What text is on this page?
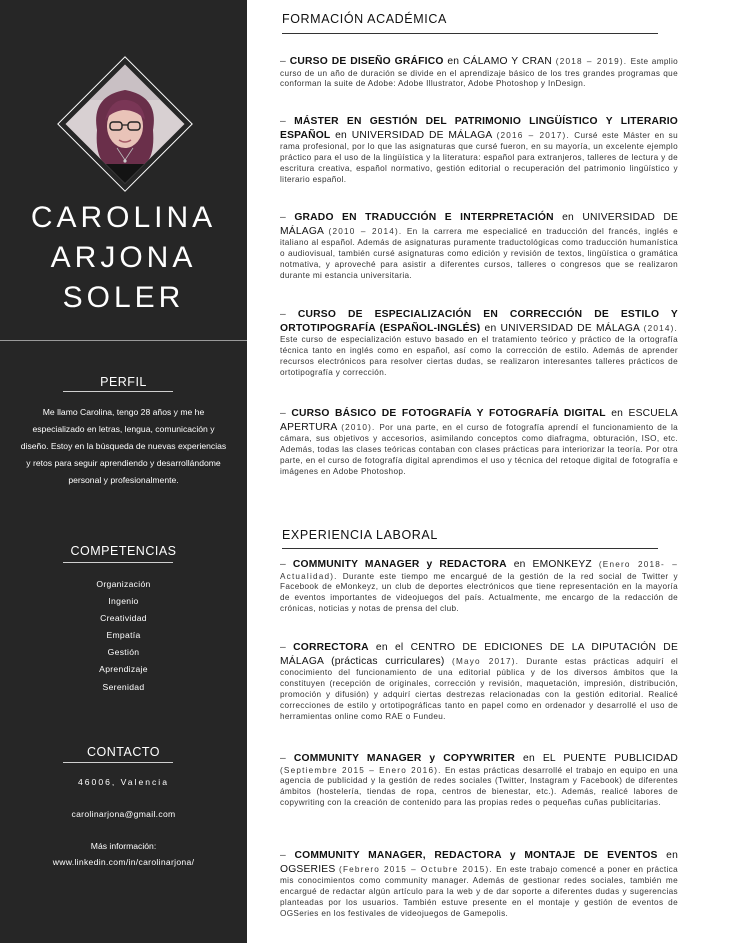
CAROLINA
ARJONA
SOLER
PERFIL

Me llamo Carolina, tengo 28 años y me he especializado en letras, lengua, comunicación y diseño. Estoy en la búsqueda de nuevas experiencias y retos para seguir aprendiendo y desarrollándome personal y profesionalmente.

COMPETENCIAS
Organización
Ingenio
Creatividad
Empatía
Gestión
Aprendizaje
Serenidad
CONTACTO
46006, Valencia
carolinarjona@gmail.com
Más información:
www.linkedin.com/in/carolinarjona/
FORMACIÓN ACADÉMICA
– CURSO DE DISEÑO GRÁFICO en CÁLAMO Y CRAN (2018 – 2019). Este amplio curso de un año de duración se divide en el aprendizaje básico de los tres grandes programas que conforman la suite de Adobe: Adobe Illustrator, Adobe Photoshop y InDesign.
– MÁSTER EN GESTIÓN DEL PATRIMONIO LINGÜÍSTICO Y LITERARIO ESPAÑOL en UNIVERSIDAD DE MÁLAGA (2016 – 2017). Cursé este Máster en su rama profesional, por lo que las asignaturas que cursé fueron, en su mayoría, un excelente ejemplo práctico para el uso de la lingüística y la literatura: español para extranjeros, talleres de lectura y de escritura creativa, español normativo, gestión editorial o recuperación del patrimonio lingüístico y literario español.
– GRADO EN TRADUCCIÓN E INTERPRETACIÓN en UNIVERSIDAD DE MÁLAGA (2010 – 2014). En la carrera me especialicé en traducción del francés, inglés e italiano al español. Además de asignaturas puramente traductológicas como traducción humanística o audiovisual, también cursé asignaturas como edición y revisión de textos, lingüística o gramática notmativa, y aproveché para asistir a diferentes cursos, talleres o congresos que se realizaron durante mi estancia universitaria.
– CURSO DE ESPECIALIZACIÓN EN CORRECCIÓN DE ESTILO Y ORTOTIPOGRAFÍA (ESPAÑOL-INGLÉS) en UNIVERSIDAD DE MÁLAGA (2014). Este curso de especialización estuvo basado en el tratamiento teórico y práctico de la ortografía técnica tanto en inglés como en español, así como la corrección de estilo. Además de aprender recursos electrónicos para resolver ciertas dudas, se realizaron interesantes talleres prácticos de ortotipografía y corrección.
– CURSO BÁSICO DE FOTOGRAFÍA Y FOTOGRAFÍA DIGITAL en ESCUELA APERTURA (2010). Por una parte, en el curso de fotografía aprendí el funcionamiento de la cámara, sus objetivos y accesorios, asimilando conceptos como diafragma, obturación, ISO, etc. Además, todas las clases teóricas contaban con clases prácticas para interiorizar la teoría. Por otra parte, en el curso de fotografía digital aprendimos el uso y técnica del retoque digital de fotografía e imágenes en Adobe Photoshop.
EXPERIENCIA LABORAL
– COMMUNITY MANAGER y REDACTORA en EMONKEYZ (Enero 2018- – Actualidad). Durante este tiempo me encargué de la gestión de la red social de Twitter y Facebook de eMonkeyz, un club de deportes electrónicos que tiene representación en la mayoría de eventos importantes de videojuegos del país. Actualmente, me encargo de la redacción de crónicas, noticias y notas de prensa del club.
– CORRECTORA en el CENTRO DE EDICIONES DE LA DIPUTACIÓN DE MÁLAGA (prácticas curriculares) (Mayo 2017). Durante estas prácticas adquirí el conocimiento del funcionamiento de una editorial pública y de los diversos ámbitos que la constituyen (recepción de originales, corrección y revisión, maquetación, impresión, distribución, promoción y difusión) y adquirí ciertas destrezas relacionadas con la gestión editorial. Realicé correcciones de estilo y ortotipográficas tanto en papel como en ordenador y desarrollé el uso de herramientas online como RAE o Fundeu.
– COMMUNITY MANAGER y COPYWRITER en EL PUENTE PUBLICIDAD (Septiembre 2015 – Enero 2016). En estas prácticas desarrollé el trabajo en equipo en una agencia de publicidad y la gestión de redes sociales (Twitter, Instagram y Facebook) de diferentes ámbitos (hostelería, tiendas de ropa, centros de bienestar, etc.). Además, realicé labores de copywriting con la creación de contenido para las propias redes o pequeñas cuñas publicitarias.
– COMMUNITY MANAGER, REDACTORA y MONTAJE DE EVENTOS en OGSERIES (Febrero 2015 – Octubre 2015). En este trabajo comencé a poner en práctica mis conocimientos como community manager. Además de gestionar redes sociales, también me encargué de redactar algún artículo para la web y de dar soporte a diferentes dudas y sugerencias planteadas por los usuarios. También estuve presente en el montaje y gestión de eventos de OGSeries en los festivales de videojuegos de Gamepolis.
